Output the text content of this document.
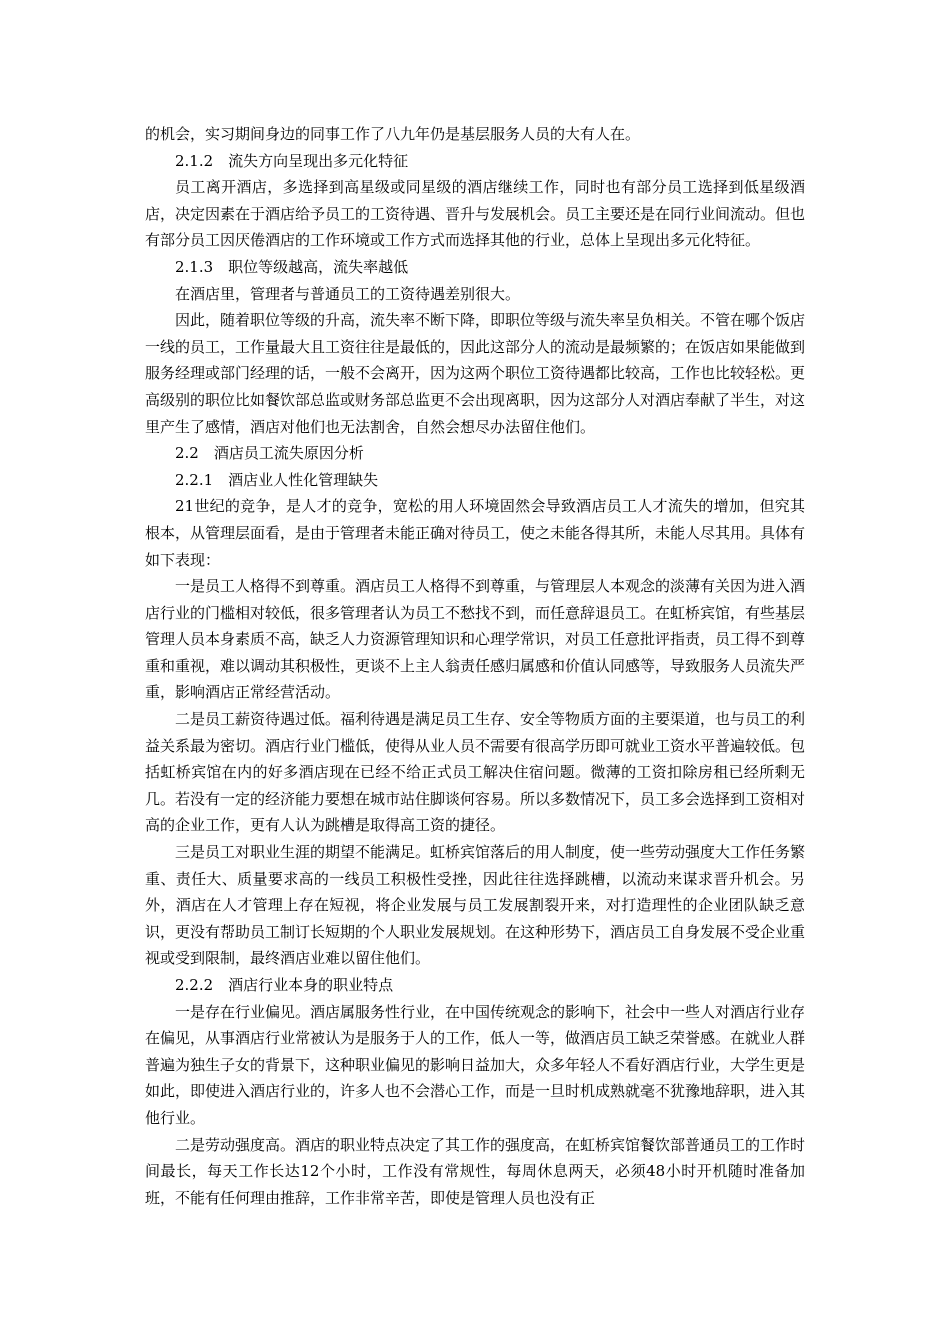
的机会，实习期间身边的同事工作了八九年仍是基层服务人员的大有人在。

2.1.2　流失方向呈现出多元化特征

员工离开酒店，多选择到高星级或同星级的酒店继续工作，同时也有部分员工选择到低星级酒店，决定因素在于酒店给予员工的工资待遇、晋升与发展机会。员工主要还是在同行业间流动。但也有部分员工因厌倦酒店的工作环境或工作方式而选择其他的行业，总体上呈现出多元化特征。

2.1.3　职位等级越高，流失率越低

在酒店里，管理者与普通员工的工资待遇差别很大。

因此，随着职位等级的升高，流失率不断下降，即职位等级与流失率呈负相关。不管在哪个饭店一线的员工，工作量最大且工资往往是最低的，因此这部分人的流动是最频繁的；在饭店如果能做到服务经理或部门经理的话，一般不会离开，因为这两个职位工资待遇都比较高，工作也比较轻松。更高级别的职位比如餐饮部总监或财务部总监更不会出现离职，因为这部分人对酒店奉献了半生，对这里产生了感情，酒店对他们也无法割舍，自然会想尽办法留住他们。

2.2　酒店员工流失原因分析

2.2.1　酒店业人性化管理缺失

21世纪的竞争，是人才的竞争，宽松的用人环境固然会导致酒店员工人才流失的增加，但究其根本，从管理层面看，是由于管理者未能正确对待员工，使之未能各得其所，未能人尽其用。具体有如下表现：

一是员工人格得不到尊重。酒店员工人格得不到尊重，与管理层人本观念的淡薄有关因为进入酒店行业的门槛相对较低，很多管理者认为员工不愁找不到，而任意辞退员工。在虹桥宾馆，有些基层管理人员本身素质不高，缺乏人力资源管理知识和心理学常识，对员工任意批评指责，员工得不到尊重和重视，难以调动其积极性，更谈不上主人翁责任感归属感和价值认同感等，导致服务人员流失严重，影响酒店正常经营活动。

二是员工薪资待遇过低。福利待遇是满足员工生存、安全等物质方面的主要渠道，也与员工的利益关系最为密切。酒店行业门槛低，使得从业人员不需要有很高学历即可就业工资水平普遍较低。包括虹桥宾馆在内的好多酒店现在已经不给正式员工解决住宿问题。微薄的工资扣除房租已经所剩无几。若没有一定的经济能力要想在城市站住脚谈何容易。所以多数情况下，员工多会选择到工资相对高的企业工作，更有人认为跳槽是取得高工资的捷径。

三是员工对职业生涯的期望不能满足。虹桥宾馆落后的用人制度，使一些劳动强度大工作任务繁重、责任大、质量要求高的一线员工积极性受挫，因此往往选择跳槽，以流动来谋求晋升机会。另外，酒店在人才管理上存在短视，将企业发展与员工发展割裂开来，对打造理性的企业团队缺乏意识，更没有帮助员工制订长短期的个人职业发展规划。在这种形势下，酒店员工自身发展不受企业重视或受到限制，最终酒店业难以留住他们。

2.2.2　酒店行业本身的职业特点

一是存在行业偏见。酒店属服务性行业，在中国传统观念的影响下，社会中一些人对酒店行业存在偏见，从事酒店行业常被认为是服务于人的工作，低人一等，做酒店员工缺乏荣誉感。在就业人群普遍为独生子女的背景下，这种职业偏见的影响日益加大，众多年轻人不看好酒店行业，大学生更是如此，即使进入酒店行业的，许多人也不会潜心工作，而是一旦时机成熟就毫不犹豫地辞职，进入其他行业。

二是劳动强度高。酒店的职业特点决定了其工作的强度高，在虹桥宾馆餐饮部普通员工的工作时间最长，每天工作长达12个小时，工作没有常规性，每周休息两天，必须48小时开机随时准备加班，不能有任何理由推辞，工作非常辛苦，即使是管理人员也没有正
